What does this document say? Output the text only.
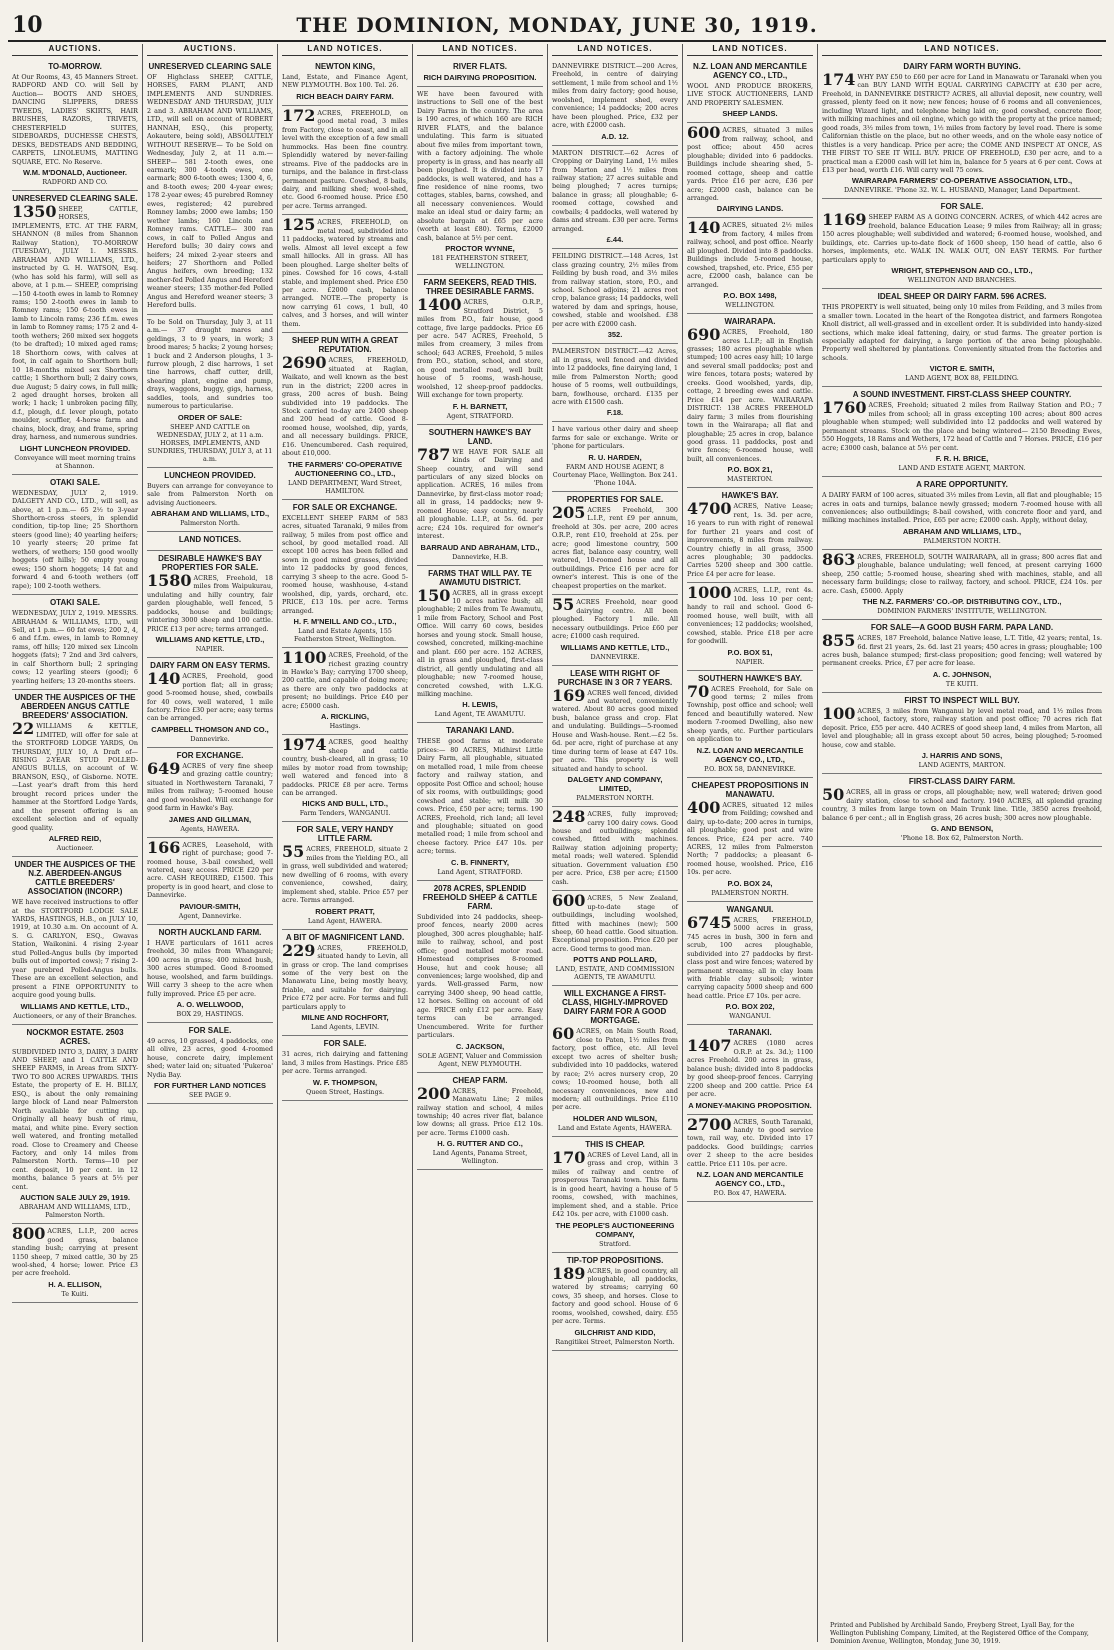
10	THE DOMINION, MONDAY, JUNE 30, 1919.
AUCTIONS.
TO-MORROW.

At Our Rooms, 43, 45 Manners Street. RADFORD AND CO. will Sell by Auction— BOOTS AND SHOES, DANCING SLIPPERS, DRESS TWEEDS, LADIES' SKIRTS, HAIR BRUSHES, RAZORS, TRIVETS, CHESTERFIELD SUITES, SIDEBOARDS, DUCHESSE CHESTS, DESKS, BEDSTEADS AND BEDDING, CARPETS, LINOLEUMS, MATTING SQUARE, ETC. No Reserve.

W.M. M'DONALD, Auctioneer.
RADFORD AND CO.
UNRESERVED CLEARING SALE.

1350 SHEEP, CATTLE, HORSES, IMPLEMENTS, ETC. AT THE FARM, SHANNON (8 miles from Shannon Railway Station), TO-MORROW (TUESDAY), JULY 1. MESSRS. ABRAHAM AND WILLIAMS, LTD., instructed by G. H. WATSON, Esq. (who has sold his farm), will sell as above, at 1 p.m.— SHEEP, comprising—150 4-tooth ewes in lamb to Romney rams; 150 2-tooth ewes in lamb to Romney rams; 150 6-tooth ewes in lamb to Lincoln rams; 236 f.f.m. ewes in lamb to Romney rams; 175 2 and 4-tooth wethers; 260 mixed sex hoggets (to be drafted); 10 mixed aged rams; 18 Shorthorn cows, with calves at foot, in calf again to Shorthorn bull; 10 18-months mixed sex Shorthorn cattle; 1 Shorthorn bull; 2 dairy cows, due August; 5 dairy cows, in full milk; 2 aged draught horses, broken all work; 1 hack; 1 unbroken pacing filly, d.f., plough, d.f. lever plough, potato moulder, scuffler, 4-horse farm and chains, block, dray, and frame, spring dray, harness, and numerous sundries.

LIGHT LUNCHEON PROVIDED.
Conveyance will meet morning trains at Shannon.
OTAKI SALE.

WEDNESDAY, JULY 2, 1919. DALGETY AND CO., LTD., will sell, as above, at 1 p.m.— 65 2½ to 3-year Shorthorn-cross steers, in splendid condition, tip-top line; 25 Shorthorn steers (good line); 40 yearling heifers; 10 yearly steers; 20 prime fat wethers, of wethers; 150 good woolly hoggets (off hills); 50 empty young ewes; 150 shorn hoggets; 14 fat and forward 4 and 6-tooth wethers (off rape); 100 2-tooth wethers.

OTAKI SALE.

WEDNESDAY, JULY 2, 1919. MESSRS. ABRAHAM & WILLIAMS, LTD., will Sell, at 1 p.m.— 60 fat ewes; 200 2, 4, 6 and f.f.m. ewes, in lamb to Romney rams, off hills; 120 mixed sex Lincoln hoggets (fats); 7 2nd and 3rd calvers, in calf Shorthorn bull; 2 springing cows; 12 yearling steers (good); 6 yearling heifers; 13 20-months steers.

UNDER THE AUSPICES OF THE ABERDEEN ANGUS CATTLE BREEDERS' ASSOCIATION.

22 WILLIAMS & KETTLE, LIMITED, will offer for sale at the STORTFORD LODGE YARDS, On THURSDAY, JULY 10, A Draft of— RISING 2-YEAR STUD POLLED-ANGUS BULLS, on account of W. BRANSON, ESQ., of Gisborne. NOTE.—Last year's draft from this herd brought record prices under the hammer at the Stortford Lodge Yards, and the present offering is an excellent selection and of equally good quality.

ALFRED REID,
Auctioneer.
UNDER THE AUSPICES OF THE N.Z. ABERDEEN-ANGUS CATTLE BREEDERS' ASSOCIATION (INCORP.)

WE have received instructions to offer at the STORTFORD LODGE SALE YARDS, HASTINGS, H.B., on JULY 10, 1919, at 10.30 a.m. On account of A. S. G. CARLYON, ESQ., Gwavas Station, Waikonini. 4 rising 2-year stud Polled-Angus bulls (by imported bulls out of imported cows); 7 rising 2-year purebred Polled-Angus bulls. These are an excellent selection, and present a FINE OPPORTUNITY to acquire good young bulls.

WILLIAMS AND KETTLE, LTD.,
Auctioneers, or any of their Branches.
NOCKMOR ESTATE. 2503 ACRES.

SUBDIVIDED INTO 3, DAIRY, 3 DAIRY AND SHEEP, and 1 CATTLE AND SHEEP FARMS, in Areas from SIXTY-TWO TO 800 ACRES UPWARDS. THIS Estate, the property of E. H. BILLY, ESQ., is about the only remaining large block of Land near Palmerston North available for cutting up. Originally all heavy bush of rimu, matai, and white pine. Every section well watered, and fronting metalled road. Close to Creamery and Cheese Factory, and only 14 miles from Palmerston North. Terms—10 per cent. deposit, 10 per cent. in 12 months, balance 5 years at 5½ per cent.

AUCTION SALE JULY 29, 1919.
ABRAHAM AND WILLIAMS, LTD., Palmerston North.

800 ACRES, L.I.P., 200 acres good grass, balance standing bush; carrying at present 1150 sheep, 7 mixed cattle, 30 by 25 wool-shed, 4 horse; lower. Price £3 per acre freehold.

H. A. ELLISON,
Te Kuiti.
AUCTIONS.
UNRESERVED CLEARING SALE

OF Highclass SHEEP, CATTLE, HORSES, FARM PLANT, AND IMPLEMENTS AND SUNDRIES. WEDNESDAY AND THURSDAY, JULY 2 and 3. ABRAHAM AND WILLIAMS, LTD., will sell on account of ROBERT HANNAH, ESQ., (his property, Aokautere, being sold), ABSOLUTELY WITHOUT RESERVE— To be Sold on Wednesday, July 2, at 11 a.m.— SHEEP— 581 2-tooth ewes, one earmark; 300 4-tooth ewes, one earmark; 800 6-tooth ewes; 1300 4, 6, and 8-tooth ewes; 200 4-year ewes; 178 2-year ewes; 45 purebred Romney ewes, registered; 42 purebred Romney lambs; 2000 ewe lambs; 150 wether lambs; 160 Lincoln and Romney rams. CATTLE— 300 ran cows, in calf to Polled Angus and Hereford bulls; 30 dairy cows and heifers; 24 mixed 2-year steers and heifers; 27 Shorthorn and Polled Angus heifers, own breeding; 132 mother-fed Polled Angus and Hereford weaner steers; 135 mother-fed Polled Angus and Hereford weaner steers; 3 Hereford bulls.

To be Sold on Thursday, July 3, at 11 a.m.— 37 draught mares and geldings, 3 to 9 years, in work; 3 brood mares; 5 hacks; 2 young horses; 1 buck and 2 Anderson ploughs, 1 3-furrow plough, 2 disc harrows, 1 set tine harrows, chaff cutter, drill, shearing plant, engine and pump, drays, waggons, buggy, gigs, harness, saddles, tools, and sundries too numerous to particularise.

ORDER OF SALE:
SHEEP AND CATTLE on WEDNESDAY, JULY 2, at 11 a.m. HORSES, IMPLEMENTS, AND SUNDRIES, THURSDAY, JULY 3, at 11 a.m.
LUNCHEON PROVIDED.

Buyers can arrange for conveyance to sale from Palmerston North on advising Auctioneers.

ABRAHAM AND WILLIAMS, LTD.,
Palmerston North.
LAND NOTICES.
DESIRABLE HAWKE'S BAY PROPERTIES FOR SALE.

1580 ACRES, Freehold, 18 miles from Waipukurau, undulating and hilly country, fair garden ploughable, well fenced, 5 paddocks, house and buildings; wintering 3000 sheep and 100 cattle. PRICE £13 per acre; terms arranged.

WILLIAMS AND KETTLE, LTD.,
NAPIER.
DAIRY FARM ON EASY TERMS.

140 ACRES, Freehold, good portion flat; all in grass; good 5-roomed house, shed, cowbails for 40 cows, well watered, 1 mile factory. Price £30 per acre; easy terms can be arranged.

CAMPBELL THOMSON AND CO.,
Dannevirke.
FOR EXCHANGE.

649 ACRES of very fine sheep and grazing cattle country; situated in Northwestern Taranaki, 7 miles from railway; 5-roomed house and good woolshed. Will exchange for good farm in Hawke's Bay.

JAMES AND GILLMAN,
Agents, HAWERA.

166 ACRES, Leasehold, with right of purchase; good 7-roomed house, 3-bail cowshed, well watered, easy access. PRICE £20 per acre. CASH REQUIRED, £1500. This property is in good heart, and close to Dannevirke.

PAVIOUR-SMITH,
Agent, Dannevirke.
NORTH AUCKLAND FARM.

I HAVE particulars of 1611 acres freehold, 30 miles from Whangarei; 400 acres in grass; 400 mixed bush, 300 acres stumped. Good 8-roomed house, woolshed, and farm buildings. Will carry 3 sheep to the acre when fully improved. Price £5 per acre.

A. O. WELLWOOD,
BOX 29, HASTINGS.
FOR SALE.

49 acres, 10 grassed, 4 paddocks, one all olive, 23 acres, good 4-roomed house, concrete dairy, implement shed; water laid on; situated 'Pukeroa' Nydia Bay.

FOR FURTHER LAND NOTICES
SEE PAGE 9.
LAND NOTICES.
NEWTON KING,

Land, Estate, and Finance Agent, NEW PLYMOUTH. Box 100. Tel. 26.

RICH BEACH DAIRY FARM.

172 ACRES, FREEHOLD, on good metal road, 3 miles from Factory, close to coast, and in all level with the exception of a few small hummocks. Has been fine country. Splendidly watered by never-failing streams. Five of the paddocks are in turnips, and the balance in first-class permanent pasture. Cowshed, 8 bails, dairy, and milking shed; wool-shed, etc. Good 6-roomed house. Price £50 per acre. Terms arranged.

125 ACRES, FREEHOLD, on metal road, subdivided into 11 paddocks, watered by streams and wells. Almost all level except a few small hillocks. All in grass. All has been ploughed. Large shelter belts of pines. Cowshed for 16 cows, 4-stall stable, and implement shed. Price £50 per acre. £2000 cash, balance arranged. NOTE.—The property is now carrying 61 cows, 1 bull, 40 calves, and 3 horses, and will winter them.

SHEEP RUN WITH A GREAT REPUTATION.

2690 ACRES, FREEHOLD, situated at Raglan, Waikato, and well known as the best run in the district; 2200 acres in grass, 200 acres of bush. Being subdivided into 19 paddocks. The Stock carried to-day are 2400 sheep and 200 head of cattle. Good 8-roomed house, woolshed, dip, yards, and all necessary buildings. PRICE, £16. Unencumbered. Cash required, about £10,000.

THE FARMERS' CO-OPERATIVE AUCTIONEERING CO., LTD.,
LAND DEPARTMENT, Ward Street, HAMILTON.
FOR SALE OR EXCHANGE.

EXCELLENT SHEEP FARM of 583 acres, situated Taranaki, 9 miles from railway, 5 miles from post office and school, by good metalled road. All except 100 acres has been felled and sown in good mixed grasses, divided into 12 paddocks by good fences, carrying 3 sheep to the acre. Good 5-roomed house, washhouse, 4-stand woolshed, dip, yards, orchard, etc. PRICE, £13 10s. per acre. Terms arranged.

H. F. M'NEILL AND CO., LTD.,
Land and Estate Agents, 155 Featherston Street, Wellington.

1100 ACRES, Freehold, of the richest grazing country in Hawke's Bay; carrying 1700 sheep, 200 cattle, and capable of doing more; as there are only two paddocks at present; no buildings. Price £40 per acre; £5000 cash.

A. RICKLING,
Hastings.

1974 ACRES, good healthy sheep and cattle country, bush-cleared, all in grass; 10 miles by motor road from township; well watered and fenced into 8 paddocks. PRICE £8 per acre. Terms can be arranged.

HICKS AND BULL, LTD.,
Farm Tenders, WANGANUI.
FOR SALE, VERY HANDY LITTLE FARM.

55 ACRES, FREEHOLD, situate 2 miles from the Yielding P.O., all in grass, well subdivided and watered; new dwelling of 6 rooms, with every convenience, cowshed, dairy, implement shed, stable. Price £57 per acre. Terms arranged.

ROBERT PRATT,
Land Agent, HAWERA.
A BIT OF MAGNIFICENT LAND.

229 ACRES, FREEHOLD, situated handy to Levin, all in grass or crop. The land comprises some of the very best on the Manawatu Line, being mostly heavy, friable, and suitable for dairying. Price £72 per acre. For terms and full particulars apply to

MILNE AND ROCHFORT,
Land Agents, LEVIN.
FOR SALE.

31 acres, rich dairying and fattening land, 3 miles from Hastings. Price £85 per acre. Terms arranged.

W. F. THOMPSON,
Queen Street, Hastings.
LAND NOTICES.
RIVER FLATS.
RICH DAIRYING PROPOSITION.

WE have been favoured with instructions to Sell one of the best Dairy Farms in the country. The area is 190 acres, of which 160 are RICH RIVER FLATS, and the balance undulating. This farm is situated about five miles from important town, with a factory adjoining. The whole property is in grass, and has nearly all been ploughed. It is divided into 17 paddocks, is well watered, and has a fine residence of nine rooms, two cottages, stables, barns, cowshed, and all necessary conveniences. Would make an ideal stud or dairy farm; an absolute bargain at £65 per acre (worth at least £80). Terms, £2000 cash, balance at 5½ per cent.

PROCTOR WYNNE,
181 FEATHERSTON STREET, WELLINGTON.
FARM SEEKERS, READ THIS. THREE DESIRABLE FARMS.

1400 ACRES, O.R.P., Stratford District, 5 miles from P.O., fair house, good cottage, five large paddocks. Price £6 per acre. 547 ACRES, Freehold, 5 miles from creamery, 3 miles from school; 643 ACRES, Freehold, 5 miles from P.O., station, school, and store, on good metalled road, well built house of 5 rooms, wash-house, woolshed, 12 sheep-proof paddocks. Will exchange for town property.

F. H. BARNETT,
Agent, STRATFORD.
SOUTHERN HAWKE'S BAY LAND.

787 WE HAVE FOR SALE all kinds of Dairying and Sheep country, and will send particulars of any sized blocks on application. ACRES, 16 miles from Dannevirke, by first-class motor road; all in grass, 14 paddocks; new 9-roomed House; easy country, nearly all ploughable. L.I.P., at 5s. 6d. per acre; £24 10s. required for owner's interest.

BARRAUD AND ABRAHAM, LTD.,
Dannevirke, H.B.
FARMS THAT WILL PAY. TE AWAMUTU DISTRICT.

150 ACRES, all in grass except 10 acres native bush; all ploughable; 2 miles from Te Awamutu, 1 mile from Factory, School and Post Office. Will carry 60 cows, besides horses and young stock. Small house, cowshed, concreted, milking-machine and plant. £60 per acre. 152 ACRES, all in grass and ploughed, first-class district, all gently undulating and all ploughable; new 7-roomed house, concreted cowshed, with L.K.G. milking machine.

H. LEWIS,
Land Agent, TE AWAMUTU.
TARANAKI LAND.

THESE good farms at moderate prices:— 80 ACRES, Midhirst Little Dairy Farm, all ploughable, situated on metalled road, 1 mile from cheese factory and railway station, and opposite Post Office and school; house of six rooms, with outbuildings; good cowshed and stable; will milk 30 cows. Price, £50 per acre; terms. 190 ACRES, Freehold, rich land; all level and ploughable; situated on good metalled road; 1 mile from school and cheese factory. Price £47 10s. per acre; terms.

C. B. FINNERTY,
Land Agent, STRATFORD.
2078 ACRES, SPLENDID FREEHOLD SHEEP & CATTLE FARM.

Subdivided into 24 paddocks, sheep-proof fences, nearly 2000 acres ploughed, 300 acres ploughable; half-mile to railway, school, and post office; good metalled motor road. Homestead comprises 8-roomed House, hut and cook house; all conveniences; large woolshed, dip and yards. Well-grassed Farm, now carrying 3400 sheep, 90 head cattle, 12 horses. Selling on account of old age. PRICE only £12 per acre. Easy terms can be arranged. Unencumbered. Write for further particulars.

C. JACKSON,
SOLE AGENT, Valuer and Commission Agent, NEW PLYMOUTH.
CHEAP FARM.

200 ACRES, Freehold, Manawatu Line; 2 miles railway station and school, 4 miles township; 40 acres river flat, balance low downs; all grass. Price £12 10s. per acre. Terms £1000 cash.

H. G. RUTTER AND CO.,
Land Agents, Panama Street, Wellington.
LAND NOTICES.

DANNEVIRKE DISTRICT.—200 Acres, Freehold, in centre of dairying settlement, 1 mile from school and 1½ miles from dairy factory; good house, woolshed, implement shed, every convenience; 14 paddocks; 200 acres have been ploughed. Price, £32 per acre, with £2000 cash.

A.D. 12.

MARTON DISTRICT.—62 Acres of Cropping or Dairying Land, 1½ miles from Marton and 1½ miles from railway station; 27 acres suitable and being ploughed; 7 acres turnips; balance in grass; all ploughable; 6-roomed cottage, cowshed and cowbails; 4 paddocks, well watered by dams and stream. £30 per acre. Terms arranged.

£.44.

FEILDING DISTRICT.—148 Acres, 1st class grazing country, 2½ miles from Feilding by bush road, and 3½ miles from railway station, store, P.O., and school. School adjoins; 21 acres root crop, balance grass; 14 paddocks, well watered by dam and springs, house, cowshed, stable and woolshed. £38 per acre with £2000 cash.

352.

PALMERSTON DISTRICT.—42 Acres, all in grass, well fenced and divided into 12 paddocks, fine dairying land, 1 mile from Palmerston North; good house of 5 rooms, well outbuildings, barn, fowlhouse, orchard. £135 per acre with £1500 cash.

F.18.

I have various other dairy and sheep farms for sale or exchange. Write or 'phone for particulars.

R. U. HARDEN,
FARM AND HOUSE AGENT, 8 Courtenay Place, Wellington. Box 241. 'Phone 104A.
PROPERTIES FOR SALE.

205 ACRES Freehold, 300 L.I.P., rent £9 per annum, freehold at 30s. per acre, 200 acres O.R.P., rent £10, freehold at 25s. per acre; good limestone country, 500 acres flat, balance easy country, well watered, 10-roomed house and all outbuildings. Price £16 per acre for owner's interest. This is one of the cheapest properties on the market.

55 ACRES Freehold, near good dairying centre. All been ploughed. Factory 1 mile. All necessary outbuildings. Price £60 per acre; £1000 cash required.

WILLIAMS AND KETTLE, LTD.,
DANNEVIRKE.
LEASE WITH RIGHT OF PURCHASE IN 3 OR 7 YEARS.

169 ACRES well fenced, divided and watered, conveniently watered. About 80 acres good mixed bush, balance grass and crop. Flat and undulating. Buildings—5-roomed House and Wash-house. Rent.—£2 5s. 6d. per acre, right of purchase at any time during term of lease at £47 10s. per acre. This property is well situated and handy to school.

DALGETY AND COMPANY, LIMITED,
PALMERSTON NORTH.

248 ACRES, fully improved; carry 100 dairy cows. Good house and outbuildings; splendid cowshed, fitted with machines. Railway station adjoining property; metal roads; well watered. Splendid situation. Government valuation £50 per acre. Price, £38 per acre; £1500 cash.

600 ACRES, 5 New Zealand, up-to-date stage of outbuildings, including woolshed, fitted with machines (new); 500 sheep, 60 head cattle. Good situation. Exceptional proposition. Price £20 per acre. Good terms to good man.

POTTS AND POLLARD,
LAND, ESTATE, AND COMMISSION AGENTS, TE AWAMUTU.
WILL EXCHANGE A FIRST-CLASS, HIGHLY-IMPROVED DAIRY FARM FOR A GOOD MORTGAGE.

60 ACRES, on Main South Road, close to Paten, 1½ miles from factory, post office, etc. All level except two acres of shelter bush; subdivided into 10 paddocks, watered by race; 2½ acres nursery crop, 20 cows; 10-roomed house, both all necessary conveniences, new and modern; all outbuildings. Price £110 per acre.

HOLDER AND WILSON,
Land and Estate Agents, HAWERA.
THIS IS CHEAP.

170 ACRES of Level Land, all in grass and crop, within 3 miles of railway and centre of prosperous Taranaki town. This farm is in good heart, having a house of 5 rooms, cowshed, with machines, implement shed, and a stable. Price £42 10s. per acre, with £1000 cash.

THE PEOPLE'S AUCTIONEERING COMPANY,
Stratford.
TIP-TOP PROPOSITIONS.

189 ACRES, in good country, all ploughable, all paddocks, watered by streams; carrying 60 cows, 35 sheep, and horses. Close to factory and good school. House of 6 rooms, woolshed, cowshed, dairy. £55 per acre. Terms.

GILCHRIST AND KIDD,
Rangitikei Street, Palmerston North.
LAND NOTICES.
N.Z. LOAN AND MERCANTILE AGENCY CO., LTD.,

WOOL AND PRODUCE BROKERS, LIVE STOCK AUCTIONEERS, LAND AND PROPERTY SALESMEN.

SHEEP LANDS.

600 ACRES, situated 3 miles from railway, school, and post office; about 450 acres ploughable; divided into 6 paddocks. Buildings include shearing shed, 5-roomed cottage, sheep and cattle yards. Price £16 per acre, £36 per acre; £2000 cash, balance can be arranged.

DAIRYING LANDS.

140 ACRES, situated 2½ miles from factory, 4 miles from railway, school, and post office. Nearly all ploughed. Divided into 8 paddocks. Buildings include 5-roomed house, cowshed, trapshed, etc. Price, £55 per acre, £2000 cash, balance can be arranged.

P.O. BOX 1498,
WELLINGTON.
WAIRARAPA.

690 ACRES, Freehold, 180 acres L.I.P.; all in English grasses; 180 acres ploughable when stumped; 100 acres easy hill; 10 large and several small paddocks; post and wire fences, totara posts; watered by creeks. Good woolshed, yards, dip, cottage, 2 breeding ewes and cattle. Price £14 per acre. WAIRARAPA DISTRICT: 138 ACRES FREEHOLD dairy farm; 3 miles from flourishing town in the Wairarapa; all flat and ploughable; 25 acres in crop, balance good grass. 11 paddocks, post and wire fences; 6-roomed house, well built, all conveniences.

P.O. BOX 21,
MASTERTON.
HAWKE'S BAY.

4700 ACRES, Native Lease; rent, 1s. 3d. per acre, 16 years to run with right of renewal for further 21 years and cost of improvements, 8 miles from railway. Country chiefly in all grass, 3500 acres ploughable; 30 paddocks. Carries 5200 sheep and 300 cattle. Price £4 per acre for lease.

1000 ACRES, L.I.P., rent 4s. 10d. less 10 per cent; handy to rail and school. Good 6-roomed house, well built, with all conveniences; 12 paddocks; woolshed, cowshed, stable. Price £18 per acre for goodwill.

P.O. BOX 51,
NAPIER.
SOUTHERN HAWKE'S BAY.

70 ACRES Freehold, for Sale on good terms; 2 miles from Township, post office and school; well fenced and beautifully watered. New modern 7-roomed Dwelling, also new sheep yards, etc. Further particulars on application to

N.Z. LOAN AND MERCANTILE AGENCY CO., LTD.,
P.O. BOX 58, DANNEVIRKE.
CHEAPEST PROPOSITIONS IN MANAWATU.

400 ACRES, situated 12 miles from Feilding; cowshed and dairy, up-to-date; 200 acres in turnips, all ploughable; good post and wire fences. Price, £24 per acre. 740 ACRES, 12 miles from Palmerston North; 7 paddocks; a pleasant 6-roomed house, woolshed. Price, £16 10s. per acre.

P.O. BOX 24,
PALMERSTON NORTH.
WANGANUI.

6745 ACRES, FREEHOLD, 5000 acres in grass, 745 acres in bush, 300 in fern and scrub, 100 acres ploughable, subdivided into 27 paddocks by first-class post and wire fences; watered by permanent streams; all in clay loam with friable clay subsoil; winter carrying capacity 5000 sheep and 600 head cattle. Price £7 10s. per acre.

P.O. BOX 202,
WANGANUI.
TARANAKI.

1407 ACRES (1080 acres O.R.P. at 2s. 3d.); 1100 acres Freehold. 200 acres in grass, balance bush; divided into 8 paddocks by good sheep-proof fences. Carrying 2200 sheep and 200 cattle. Price £4 per acre.

A MONEY-MAKING PROPOSITION.

2700 ACRES, South Taranaki, handy to good service town, rail way, etc. Divided into 17 paddocks. Good buildings; carries over 2 sheep to the acre besides cattle. Price £11 10s. per acre.

N.Z. LOAN AND MERCANTILE AGENCY CO., LTD.,
P.O. Box 47, HAWERA.
LAND NOTICES.
DAIRY FARM WORTH BUYING.

174 WHY PAY £50 to £60 per acre for Land in Manawatu or Taranaki when you can BUY LAND WITH EQUAL CARRYING CAPACITY at £30 per acre, Freehold, in DANNEVIRKE DISTRICT? ACRES, all alluvial deposit, new country, well grassed, plenty feed on it now; new fences; house of 6 rooms and all conveniences, including Wizard light, and telephone being laid on; good cowshed, concrete floor, with milking machines and oil engine, which go with the property at the price named; good roads, 3½ miles from town, 1½ miles from factory by level road. There is some Californian thistle on the place, but no other weeds, and on the whole easy notice of thistles is a very handicap. Price per acre; the COME AND INSPECT AT ONCE, AS THE FIRST TO SEE IT WILL BUY. PRICE OF FREEHOLD, £30 per acre, and to a practical man a £2000 cash will let him in, balance for 5 years at 6 per cent. Cows at £13 per head, worth £16. Will carry well 75 cows.

WAIRARAPA FARMERS' CO-OPERATIVE ASSOCIATION, LTD.,
DANNEVIRKE. 'Phone 32. W. L. HUSBAND, Manager, Land Department.
FOR SALE.

1169 SHEEP FARM AS A GOING CONCERN. ACRES, of which 442 acres are freehold, balance Education Lease; 9 miles from Railway; all in grass; 150 acres ploughable; well subdivided and watered; 6-roomed house, woolshed, and buildings, etc. Carries up-to-date flock of 1600 sheep, 150 head of cattle, also 6 horses, implements, etc. WALK IN. WALK OUT, ON EASY TERMS. For further particulars apply to

WRIGHT, STEPHENSON AND CO., LTD.,
WELLINGTON AND BRANCHES.
IDEAL SHEEP OR DAIRY FARM. 596 ACRES.

THIS PROPERTY is well situated, being only 10 miles from Feilding, and 3 miles from a smaller town. Located in the heart of the Rongotea district, and farmers Rongotea Knoll district, all well-grassed and in excellent order. It is subdivided into handy-sized sections, which make ideal fattening, dairy, or stud farms. The greater portion is especially adapted for dairying, a large portion of the area being ploughable. Property well sheltered by plantations. Conveniently situated from the factories and schools.

VICTOR E. SMITH,
LAND AGENT, BOX 88, FEILDING.
A SOUND INVESTMENT. FIRST-CLASS SHEEP COUNTRY.

1760 ACRES, Freehold; situated 2 miles from Railway Station and P.O.; 7 miles from school; all in grass excepting 100 acres; about 800 acres ploughable when stumped; well subdivided into 12 paddocks and well watered by permanent streams. Stock on the place and being wintered— 2150 Breeding Ewes, 550 Hoggets, 18 Rams and Wethers, 172 head of Cattle and 7 Horses. PRICE, £16 per acre; £3000 cash, balance at 5½ per cent.

F. R. H. BRICE,
LAND AND ESTATE AGENT, MARTON.
A RARE OPPORTUNITY.

A DAIRY FARM of 100 acres, situated 3½ miles from Levin, all flat and ploughable; 15 acres in oats and turnips, balance newly grassed; modern 7-roomed house with all conveniences; also outbuildings; 8-bail cowshed, with concrete floor and yard, and milking machines installed. Price, £65 per acre; £2000 cash. Apply, without delay,

ABRAHAM AND WILLIAMS, LTD.,
PALMERSTON NORTH.

863 ACRES, FREEHOLD, SOUTH WAIRARAPA, all in grass; 800 acres flat and ploughable, balance undulating; well fenced, at present carrying 1600 sheep, 250 cattle; 5-roomed house, shearing shed with machines, stable, and all necessary farm buildings; close to railway, factory, and school. PRICE, £24 10s. per acre. Cash, £5000. Apply

THE N.Z. FARMERS' CO.-OP. DISTRIBUTING COY., LTD.,
DOMINION FARMERS' INSTITUTE, WELLINGTON.
FOR SALE—A GOOD BUSH FARM. PAPA LAND.

855 ACRES, 187 Freehold, balance Native lease, L.T. Title, 42 years; rental, 1s. 6d. first 21 years, 2s. 6d. last 21 years; 450 acres in grass; ploughable; 100 acres bush, balance stumped; first-class proposition; good fencing; well watered by permanent creeks. Price, £7 per acre for lease.

A. C. JOHNSON,
TE KUITI.
FIRST TO INSPECT WILL BUY.

100 ACRES, 3 miles from Wanganui by level metal road, and 1½ miles from school, factory, store, railway station and post office; 70 acres rich flat deposit. Price, £55 per acre. 440 ACRES of good sheep land, 4 miles from Marton, all level and ploughable; all in grass except about 50 acres, being ploughed; 5-roomed house, cow and stable.

J. HARRIS AND SONS,
LAND AGENTS, MARTON.
FIRST-CLASS DAIRY FARM.

50 ACRES, all in grass or crops, all ploughable; new, well watered; driven good dairy station, close to school and factory. 1940 ACRES, all splendid grazing country, 3 miles from large town on Main Trunk line. Title, 3850 acres freehold, balance 6 per cent.; all in English grass, 26 acres bush; 300 acres now ploughable.

G. AND BENSON,
'Phone 18. Box 62, Palmerston North.
Printed and Published by Archibald Sando, Freyberg Street, Lyall Bay, for the Wellington Publishing Company, Limited, at the Registered Office of the Company, Dominion Avenue, Wellington, Monday, June 30, 1919.
